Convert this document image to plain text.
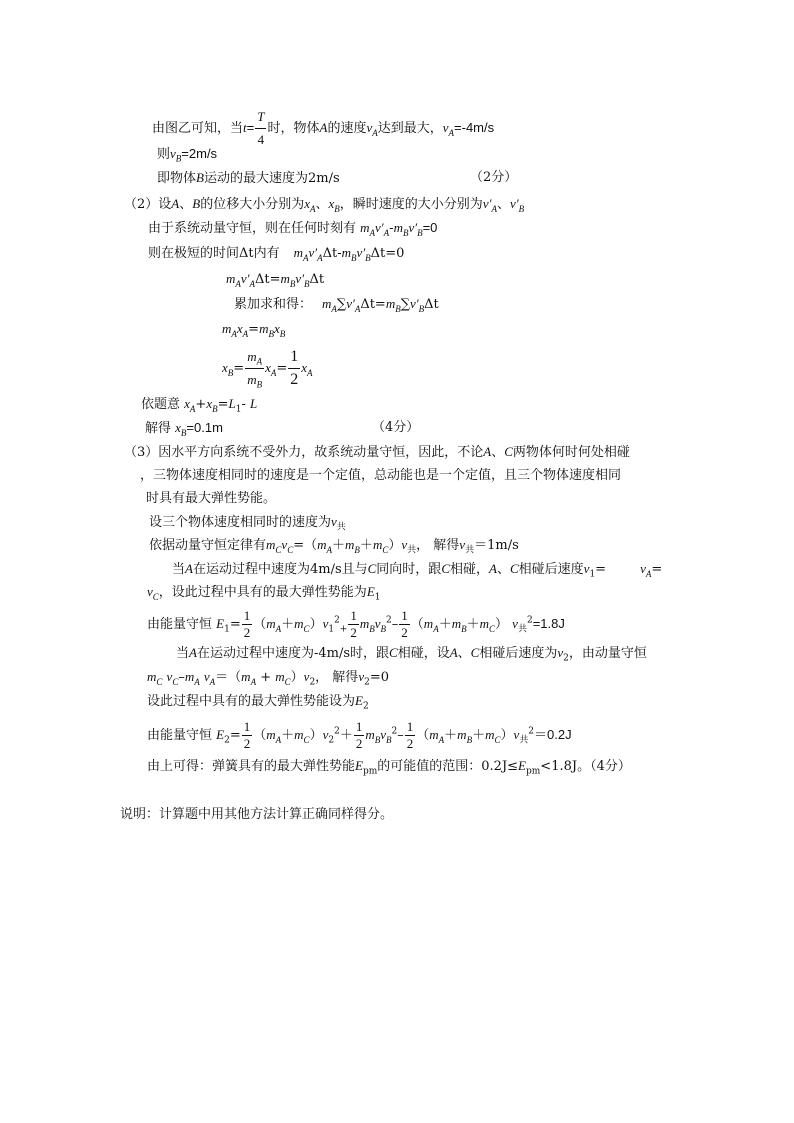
由图乙可知，当$t= \frac{T}{4}$ 时，物体A的速度$v_A$达到最大，$v_A=-4m/s$
则$v_B=2m/s$
即物体B运动的最大速度为2m/s	（2分）
（2）设A、B的位移大小分别为$x_A$、$x_B$，瞬时速度的大小分别为$v'_A$、$v'_B$
由于系统动量守恒，则在任何时刻有 $m_Av'_A-m_Bv'_B=0$
则在极短的时间Δt内有 $m_Av'_A\Delta t-m_Bv'_B\Delta t=0$
$m_Av'_A\Delta t=m_Bv'_B\Delta t$
累加求和得： $m_A\sum v'_A\Delta t=m_B\sum v'_B\Delta t$
$m_Ax_A=m_Bx_B$
$x_B= \frac{m_A}{m_B} x_A= \frac{1}{2} x_A$
依题意 $x_A+x_B=L_1-$ L
解得 $x_B=0.1m$	（4分）
（3）因水平方向系统不受外力，故系统动量守恒，因此，不论A、C两物体何时何处相碰
，三物体速度相同时的速度是一个定值，总动能也是一个定值，且三个物体速度相同
时具有最大弹性势能。
设三个物体速度相同时的速度为$v_共$
依据动量守恒定律有$m_Cv_C=(m_A+m_B+m_C)v_共$， 解得$v_共=1m/s$
当A在运动过程中速度为4m/s且与C同向时，跟C相碰，A、C相碰后速度$v_1=$	$v_A=$
$v_C$，设此过程中具有的最大弹性势能为$E_1$
由能量守恒 $E_1= \frac{1}{2} (m_A+m_C)v_1^2_+ \frac{1}{2} m_Bv_B^2- \frac{1}{2} (m_A+m_B+m_C)$ $v_共^2=1.8J$
当A在运动过程中速度为-4m/s时，跟C相碰，设A、C相碰后速度为$v_2$，由动量守恒
$m_C$ $v_C-m_A$ $v_A=(m_A + m_C)v_2$， 解得$v_2=0$
设此过程中具有的最大弹性势能设为$E_2$
由能量守恒 $E_2= \frac{1}{2} (m_A+m_C)v_2^2+ \frac{1}{2} m_Bv_B^2- \frac{1}{2} (m_A+m_B+m_C)v_共^2=0.2J$
由上可得：弹簧具有的最大弹性势能$E_{pm}$的可能值的范围：$0.2J\le E_{pm}<1.8J$。（4分）
说明：计算题中用其他方法计算正确同样得分。
